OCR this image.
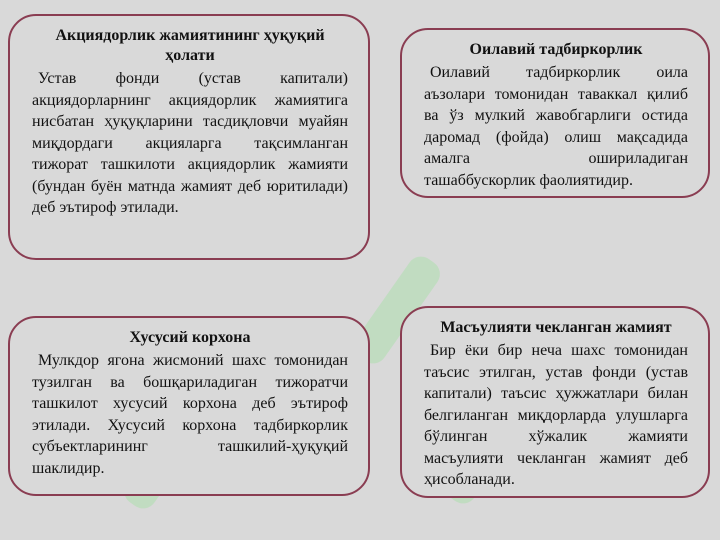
Акциядорлик жамиятининг ҳуқуқий ҳолати

Устав фонди (устав капитали) акциядорларнинг акциядорлик жамиятига нисбатан ҳуқуқларини тасдиқловчи муайян миқдордаги акцияларга тақсимланган тижорат ташкилоти акциядорлик жамияти (бундан буён матнда жамият деб юритилади) деб эътироф этилади.

Оилавий тадбиркорлик

Оилавий тадбиркорлик оила аъзолари томонидан таваккал қилиб ва ўз мулкий жавобгарлиги остида даромад (фойда) олиш мақсадида амалга ошириладиган ташаббускорлик фаолиятидир.

Хусусий корхона

Мулкдор ягона жисмоний шахс томонидан тузилган ва бошқариладиган тижоратчи ташкилот хусусий корхона деб эътироф этилади. Хусусий корхона тадбиркорлик субъектларининг ташкилий-ҳуқуқий шаклидир.

Масъулияти чекланган жамият

Бир ёки бир неча шахс томонидан таъсис этилган, устав фонди (устав капитали) таъсис ҳужжатлари билан белгиланган миқдорларда улушларга бўлинган хўжалик жамияти масъулияти чекланган жамият деб ҳисобланади.
